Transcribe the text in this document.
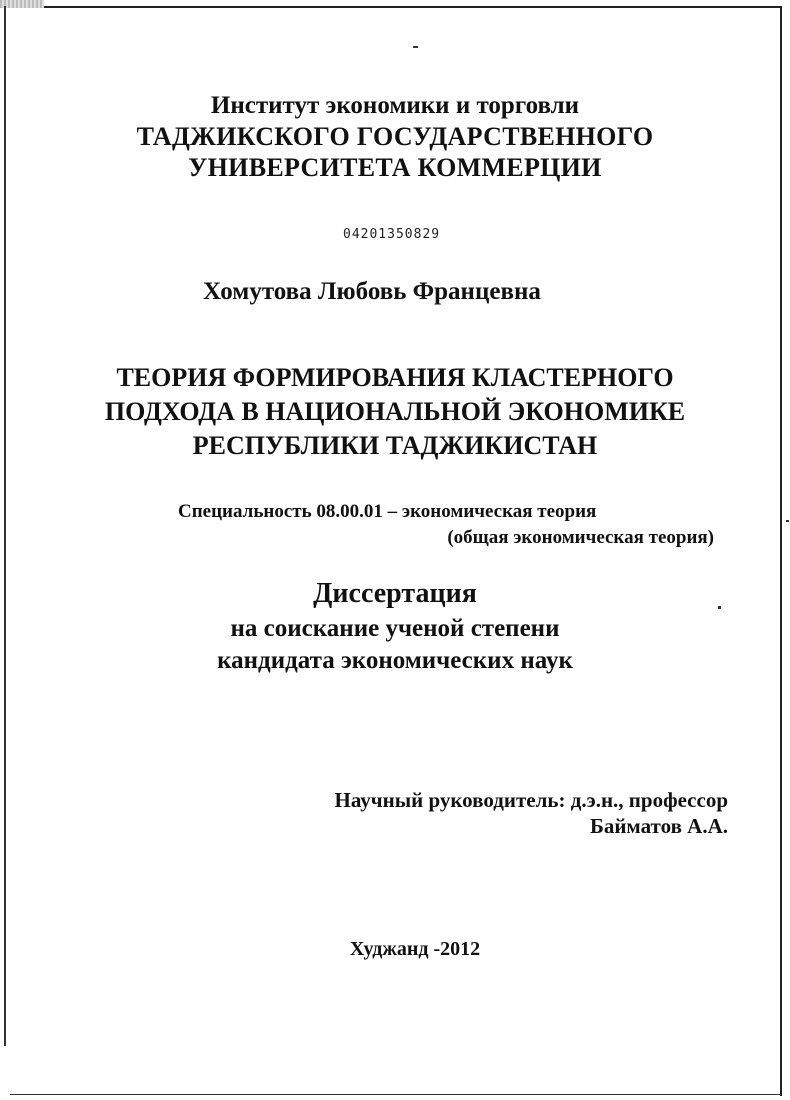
Институт экономики и торговли
ТАДЖИКСКОГО ГОСУДАРСТВЕННОГО
УНИВЕРСИТЕТА КОММЕРЦИИ
04201350829
Хомутова Любовь Францевна
ТЕОРИЯ ФОРМИРОВАНИЯ КЛАСТЕРНОГО
ПОДХОДА В НАЦИОНАЛЬНОЙ ЭКОНОМИКЕ
РЕСПУБЛИКИ ТАДЖИКИСТАН
Специальность 08.00.01 – экономическая теория
(общая экономическая теория)
Диссертация
на соискание ученой степени
кандидата экономических наук
Научный руководитель: д.э.н., профессор
Байматов А.А.
Худжанд -2012
